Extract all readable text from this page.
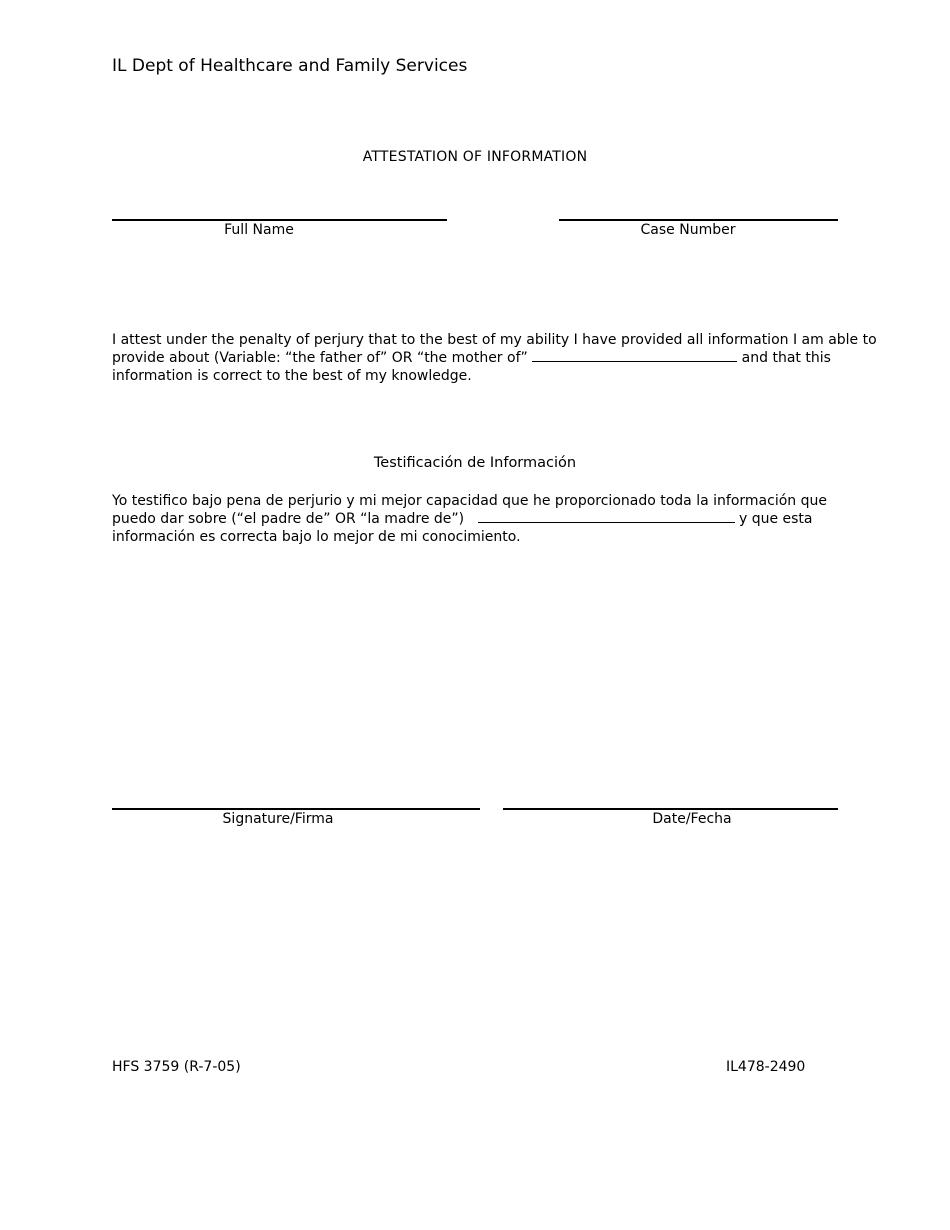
IL Dept of Healthcare and Family Services
ATTESTATION OF INFORMATION
Full Name	Case Number
I attest under the penalty of perjury that to the best of my ability I have provided all information I am able to
provide about (Variable: “the father of” OR “the mother of”	and that this
information is correct to the best of my knowledge.
Testificación de Información
Yo testifico bajo pena de perjurio y mi mejor capacidad que he proporcionado toda la información que
puedo dar sobre (“el padre de” OR “la madre de”)	y que esta
información es correcta bajo lo mejor de mi conocimiento.
Signature/Firma	Date/Fecha
HFS 3759 (R-7-05)	IL478-2490
